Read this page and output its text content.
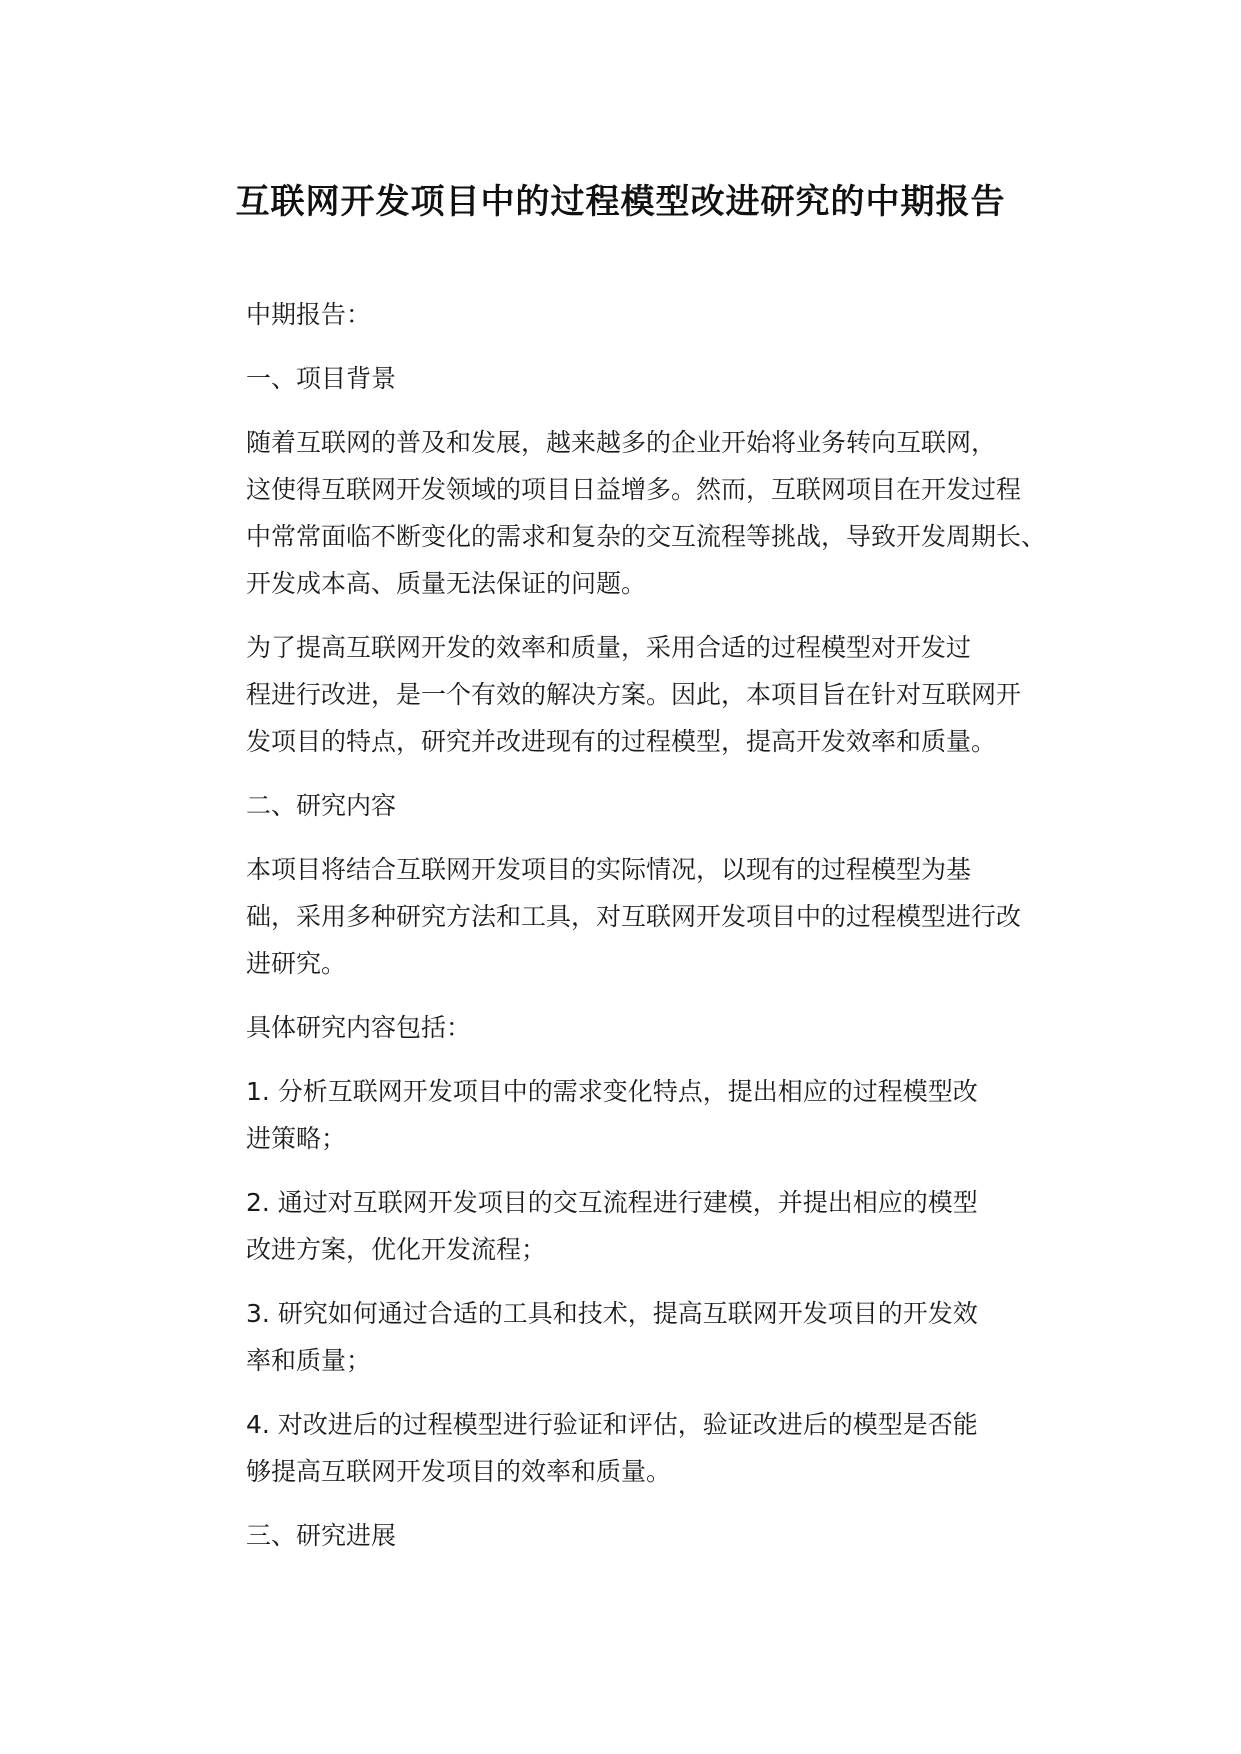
互联网开发项目中的过程模型改进研究的中期报告

中期报告：

一、项目背景

随着互联网的普及和发展，越来越多的企业开始将业务转向互联网，
这使得互联网开发领域的项目日益增多。然而，互联网项目在开发过程
中常常面临不断变化的需求和复杂的交互流程等挑战，导致开发周期长、
开发成本高、质量无法保证的问题。

为了提高互联网开发的效率和质量，采用合适的过程模型对开发过
程进行改进，是一个有效的解决方案。因此，本项目旨在针对互联网开
发项目的特点，研究并改进现有的过程模型，提高开发效率和质量。

二、研究内容

本项目将结合互联网开发项目的实际情况，以现有的过程模型为基
础，采用多种研究方法和工具，对互联网开发项目中的过程模型进行改
进研究。

具体研究内容包括：

1. 分析互联网开发项目中的需求变化特点，提出相应的过程模型改
进策略；

2. 通过对互联网开发项目的交互流程进行建模，并提出相应的模型
改进方案，优化开发流程；

3. 研究如何通过合适的工具和技术，提高互联网开发项目的开发效
率和质量；

4. 对改进后的过程模型进行验证和评估，验证改进后的模型是否能
够提高互联网开发项目的效率和质量。

三、研究进展
